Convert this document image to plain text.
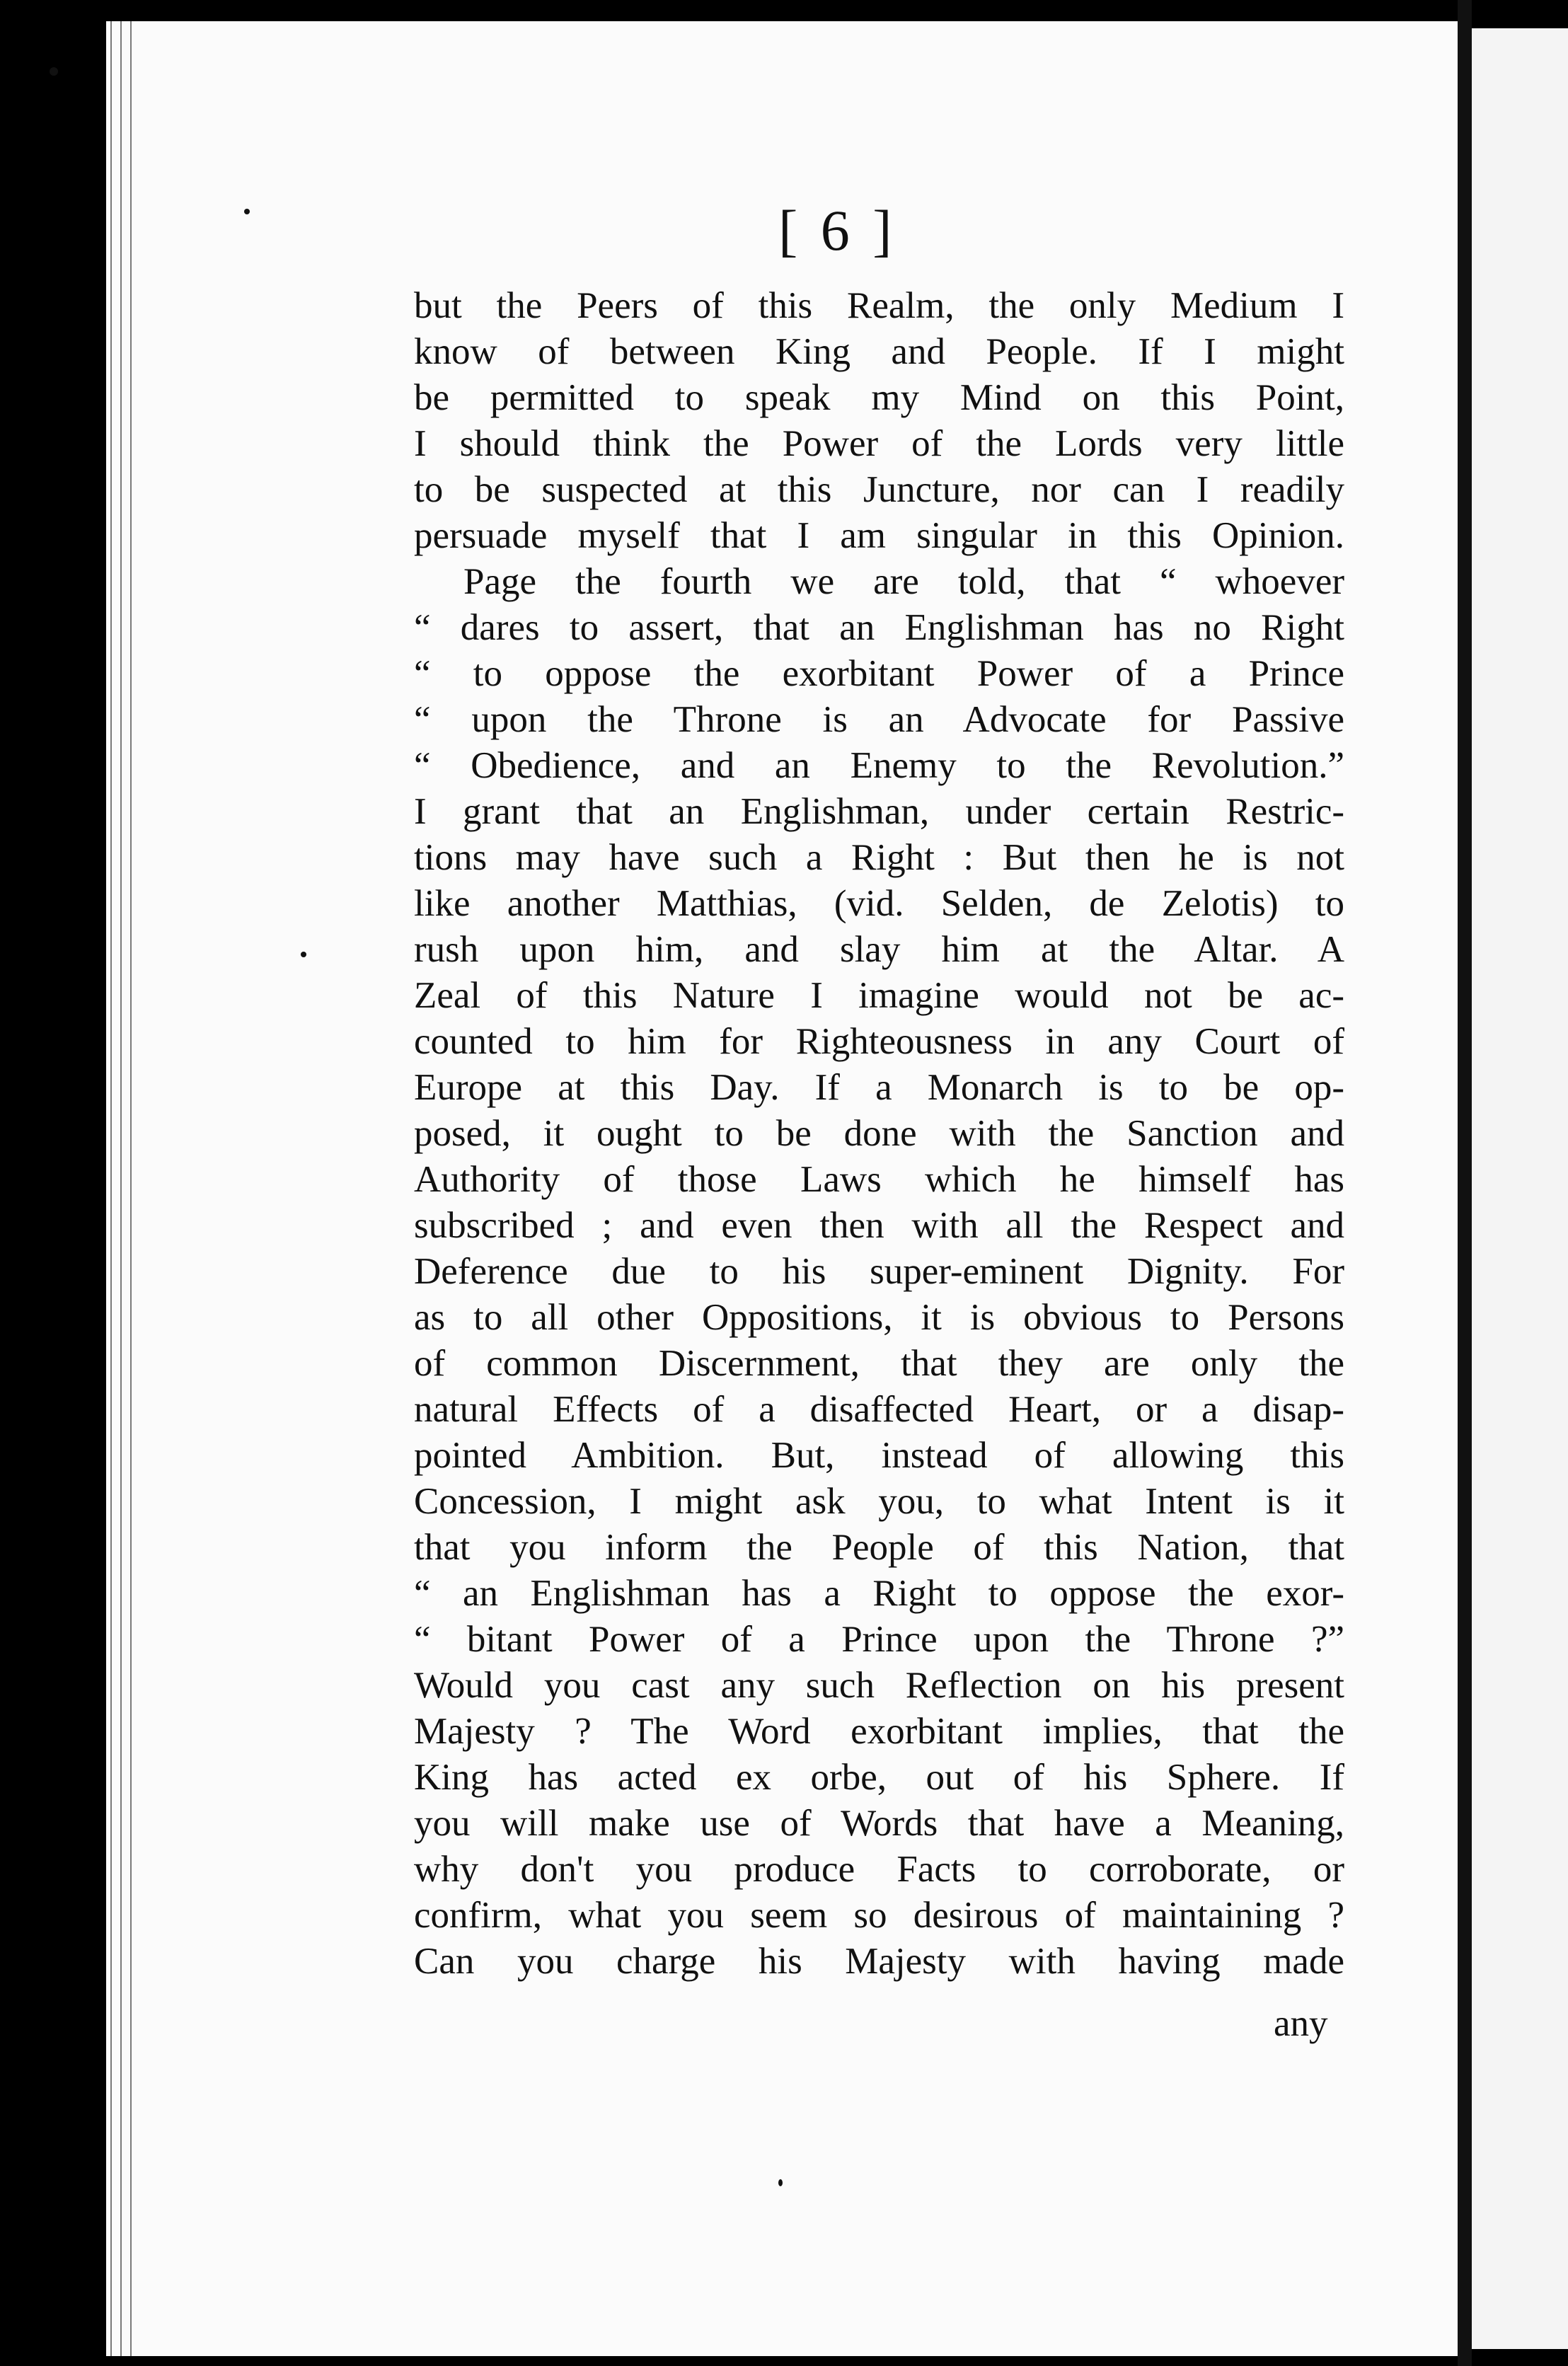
[ 6 ]
but the Peers of this Realm, the only Medium I
know of between King and People. If I might
be permitted to speak my Mind on this Point,
I should think the Power of the Lords very little
to be suspected at this Juncture, nor can I readily
persuade myself that I am singular in this Opinion.
Page the fourth we are told, that “ whoever
“ dares to assert, that an Englishman has no Right
“ to oppose the exorbitant Power of a Prince
“ upon the Throne is an Advocate for Passive
“ Obedience, and an Enemy to the Revolution.”
I grant that an Englishman, under certain Restric-
tions may have such a Right : But then he is not
like another Matthias, (vid. Selden, de Zelotis) to
rush upon him, and slay him at the Altar. A
Zeal of this Nature I imagine would not be ac-
counted to him for Righteousness in any Court of
Europe at this Day. If a Monarch is to be op-
posed, it ought to be done with the Sanction and
Authority of those Laws which he himself has
subscribed ; and even then with all the Respect and
Deference due to his super-eminent Dignity. For
as to all other Oppositions, it is obvious to Persons
of common Discernment, that they are only the
natural Effects of a disaffected Heart, or a disap-
pointed Ambition. But, instead of allowing this
Concession, I might ask you, to what Intent is it
that you inform the People of this Nation, that
“ an Englishman has a Right to oppose the exor-
“ bitant Power of a Prince upon the Throne ?”
Would you cast any such Reflection on his present
Majesty ? The Word exorbitant implies, that the
King has acted ex orbe, out of his Sphere. If
you will make use of Words that have a Meaning,
why don't you produce Facts to corroborate, or
confirm, what you seem so desirous of maintaining ?
Can you charge his Majesty with having made
any
